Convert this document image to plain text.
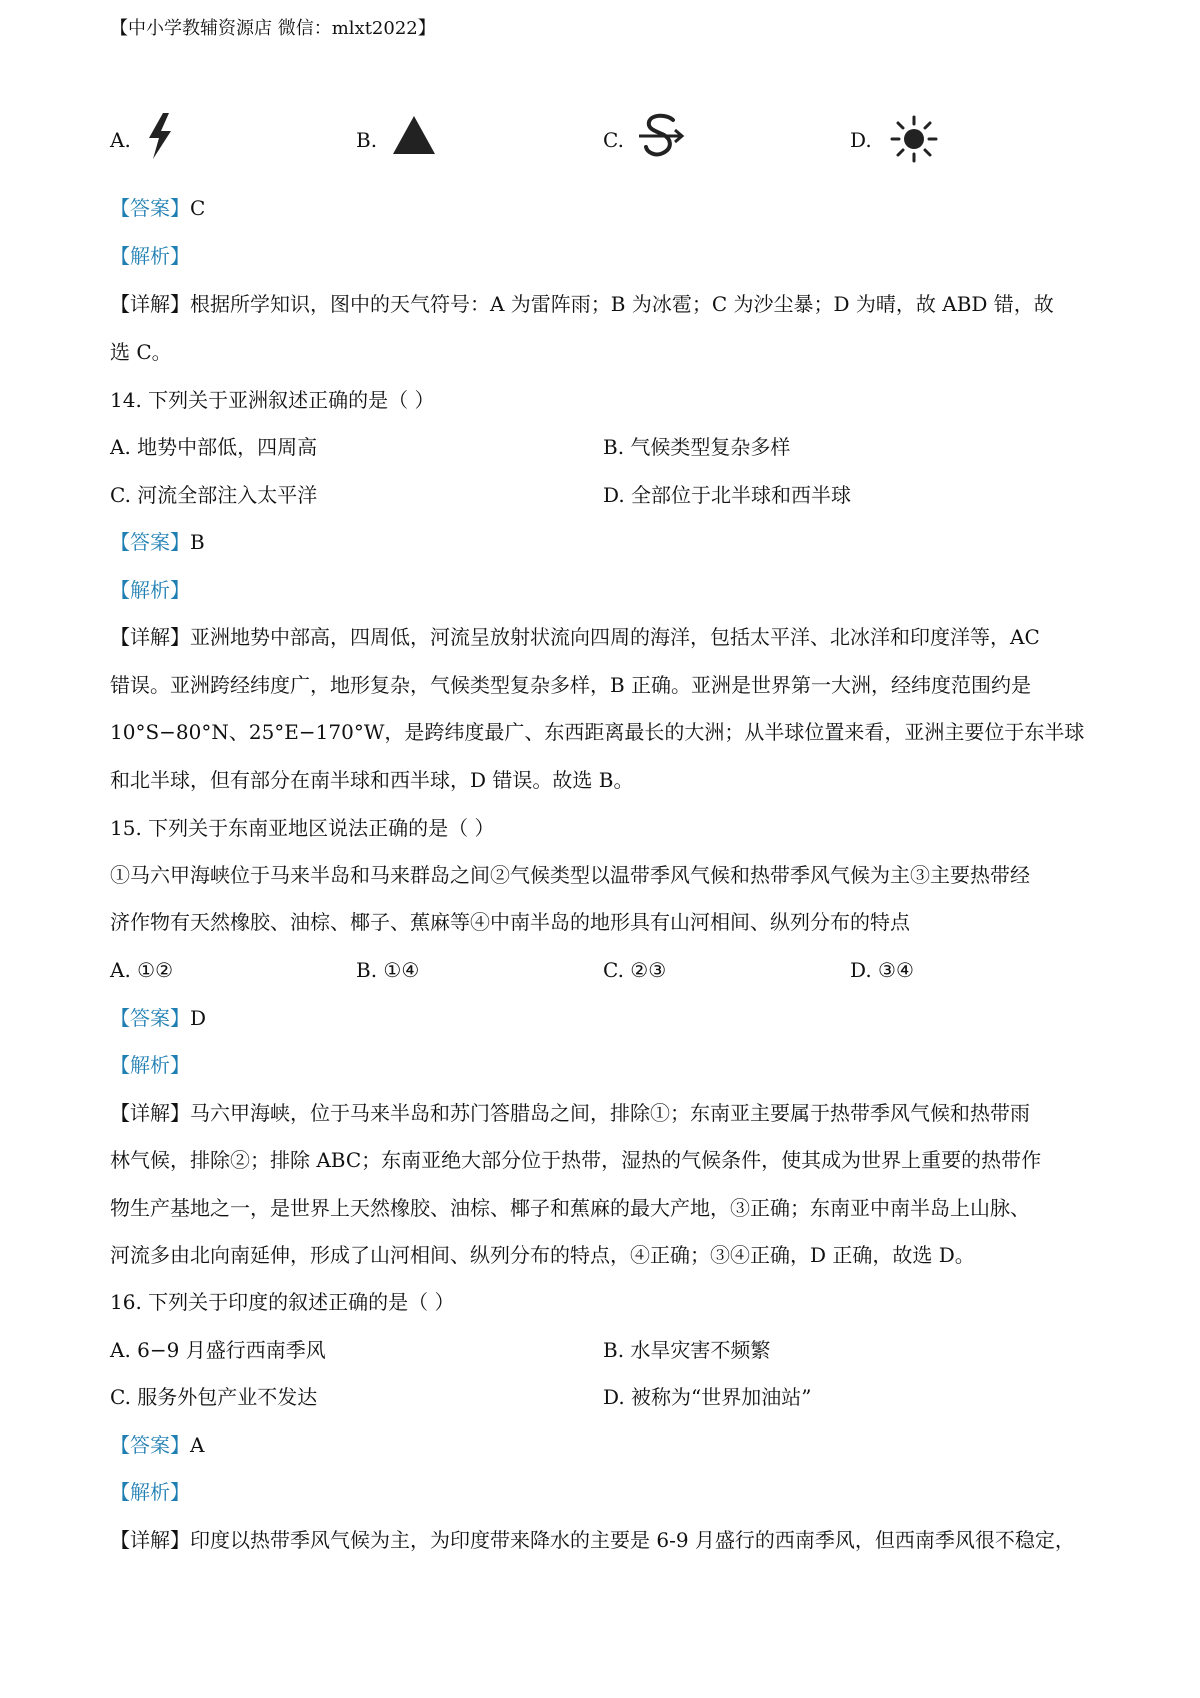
【中小学教辅资源店 微信：mlxt2022】
A.	B.	C.	D.
【答案】C
【解析】
【详解】根据所学知识，图中的天气符号：A 为雷阵雨；B 为冰雹；C 为沙尘暴；D 为晴，故 ABD 错，故
选 C。
14. 下列关于亚洲叙述正确的是（ ）
A. 地势中部低，四周高	B. 气候类型复杂多样
C. 河流全部注入太平洋	D. 全部位于北半球和西半球
【答案】B
【解析】
【详解】亚洲地势中部高，四周低，河流呈放射状流向四周的海洋，包括太平洋、北冰洋和印度洋等，AC
错误。亚洲跨经纬度广，地形复杂，气候类型复杂多样，B 正确。亚洲是世界第一大洲，经纬度范围约是
10°S−80°N、25°E−170°W，是跨纬度最广、东西距离最长的大洲；从半球位置来看，亚洲主要位于东半球
和北半球，但有部分在南半球和西半球，D 错误。故选 B。
15. 下列关于东南亚地区说法正确的是（ ）
①马六甲海峡位于马来半岛和马来群岛之间②气候类型以温带季风气候和热带季风气候为主③主要热带经
济作物有天然橡胶、油棕、椰子、蕉麻等④中南半岛的地形具有山河相间、纵列分布的特点
A. ①②	B. ①④	C. ②③	D. ③④
【答案】D
【解析】
【详解】马六甲海峡，位于马来半岛和苏门答腊岛之间，排除①；东南亚主要属于热带季风气候和热带雨
林气候，排除②；排除 ABC；东南亚绝大部分位于热带，湿热的气候条件，使其成为世界上重要的热带作
物生产基地之一，是世界上天然橡胶、油棕、椰子和蕉麻的最大产地，③正确；东南亚中南半岛上山脉、
河流多由北向南延伸，形成了山河相间、纵列分布的特点，④正确；③④正确，D 正确，故选 D。
16. 下列关于印度的叙述正确的是（ ）
A. 6−9 月盛行西南季风	B. 水旱灾害不频繁
C. 服务外包产业不发达	D. 被称为“世界加油站”
【答案】A
【解析】
【详解】印度以热带季风气候为主，为印度带来降水的主要是 6-9 月盛行的西南季风，但西南季风很不稳定，
